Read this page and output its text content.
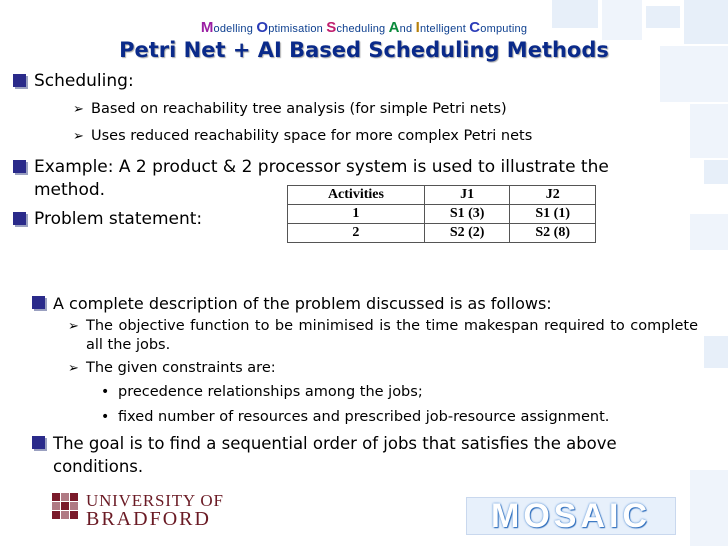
Modelling Optimisation Scheduling And Intelligent Computing
Petri Net + AI Based Scheduling Methods
Scheduling:
➢ Based on reachability tree analysis (for simple Petri nets)
➢ Uses reduced reachability space for more complex Petri nets
Example: A 2 product & 2 processor system is used to illustrate the
method.
Problem statement:
Activities	J1	J2
1	S1 (3)	S1 (1)
2	S2 (2)	S2 (8)
A complete description of the problem discussed is as follows:
➢ The objective function to be minimised is the time makespan required to complete all the jobs.
➢ The given constraints are:
• precedence relationships among the jobs;
• fixed number of resources and prescribed job-resource assignment.
The goal is to find a sequential order of jobs that satisfies the above conditions.
UNIVERSITY OF
BRADFORD	MOSAIC
